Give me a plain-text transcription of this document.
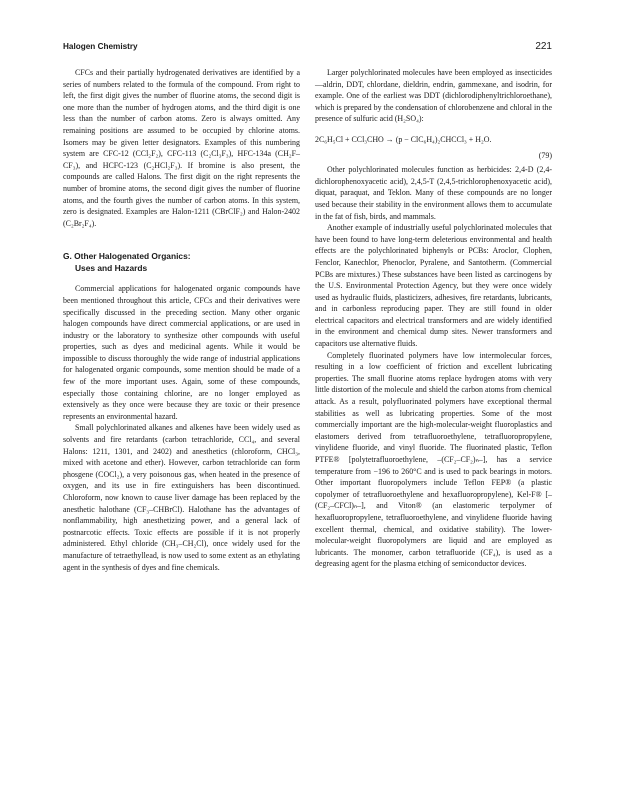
Halogen Chemistry	221

CFCs and their partially hydrogenated derivatives are identified by a series of numbers related to the formula of the compound. From right to left, the first digit gives the number of fluorine atoms, the second digit is one more than the number of hydrogen atoms, and the third digit is one less than the number of carbon atoms. Zero is always omitted. Any remaining positions are assumed to be occupied by chlorine atoms. Isomers may be given letter designators. Examples of this numbering system are CFC-12 (CCl₂F₂), CFC-113 (C₂Cl₃F₃), HFC-134a (CH₂F–CF₃), and HCFC-123 (C₂HCl₂F₃). If bromine is also present, the compounds are called Halons. The first digit on the right represents the number of bromine atoms, the second digit gives the number of fluorine atoms, and the fourth gives the number of carbon atoms. In this system, zero is designated. Examples are Halon-1211 (CBrClF₂) and Halon-2402 (C₂Br₂F₄).

G. Other Halogenated Organics:
Uses and Hazards

Commercial applications for halogenated organic compounds have been mentioned throughout this article, CFCs and their derivatives were specifically discussed in the preceding section. Many other organic halogen compounds have direct commercial applications, or are used in industry or the laboratory to synthesize other compounds with useful properties, such as dyes and medicinal agents. While it would be impossible to discuss thoroughly the wide range of industrial applications for halogenated organic compounds, some mention should be made of a few of the more important uses. Again, some of these compounds, especially those containing chlorine, are no longer employed as extensively as they once were because they are toxic or their presence represents an environmental hazard.

Small polychlorinated alkanes and alkenes have been widely used as solvents and fire retardants (carbon tetrachloride, CCl₄, and several Halons: 1211, 1301, and 2402) and anesthetics (chloroform, CHCl₃, mixed with acetone and ether). However, carbon tetrachloride can form phosgene (COCl₂), a very poisonous gas, when heated in the presence of oxygen, and its use in fire extinguishers has been discontinued. Chloroform, now known to cause liver damage has been replaced by the anesthetic halothane (CF₃–CHBrCl). Halothane has the advantages of nonflammability, high anesthetizing power, and a general lack of postnarcotic effects. Toxic effects are possible if it is not properly administered. Ethyl chloride (CH₃–CH₂Cl), once widely used for the manufacture of tetraethyllead, is now used to some extent as an ethylating agent in the synthesis of dyes and fine chemicals.

Larger polychlorinated molecules have been employed as insecticides—aldrin, DDT, chlordane, dieldrin, endrin, gammexane, and isodrin, for example. One of the earliest was DDT (dichlorodiphenyltrichloroethane), which is prepared by the condensation of chlorobenzene and chloral in the presence of sulfuric acid (H₂SO₄):

2C₆H₅Cl + CCl₃CHO → (p − ClC₆H₄)₂CHCCl₃ + H₂O.
(79)

Other polychlorinated molecules function as herbicides: 2,4-D (2,4-dichlorophenoxyacetic acid), 2,4,5-T (2,4,5-trichlorophenoxyacetic acid), diquat, paraquat, and Teklon. Many of these compounds are no longer used because their stability in the environment allows them to accumulate in the fat of fish, birds, and mammals.

Another example of industrially useful polychlorinated molecules that have been found to have long-term deleterious environmental and health effects are the polychlorinated biphenyls or PCBs: Aroclor, Clophen, Fenclor, Kanechlor, Phenoclor, Pyralene, and Santotherm. (Commercial PCBs are mixtures.) These substances have been listed as carcinogens by the U.S. Environmental Protection Agency, but they were once widely used as hydraulic fluids, plasticizers, adhesives, fire retardants, lubricants, and in carbonless reproducing paper. They are still found in older electrical capacitors and electrical transformers and are widely identified in the environment and chemical dump sites. Newer transformers and capacitors use alternative fluids.

Completely fluorinated polymers have low intermolecular forces, resulting in a low coefficient of friction and excellent lubricating properties. The small fluorine atoms replace hydrogen atoms with very little distortion of the molecule and shield the carbon atoms from chemical attack. As a result, polyfluorinated polymers have exceptional thermal stabilities as well as lubricating properties. Some of the most commercially important are the high-molecular-weight fluoroplastics and elastomers derived from tetrafluoroethylene, tetrafluoropropylene, vinylidene fluoride, and vinyl fluoride. The fluorinated plastic, Teflon PTFE® [polytetrafluoroethylene, –(CF₂–CF₂)ₙ–], has a service temperature from −196 to 260°C and is used to pack bearings in motors. Other important fluoropolymers include Teflon FEP® (a plastic copolymer of tetrafluoroethylene and hexafluoropropylene), Kel-F® [–(CF₂–CFCl)ₙ–], and Viton® (an elastomeric terpolymer of hexafluoropropylene, tetrafluoroethylene, and vinylidene fluoride having excellent thermal, chemical, and oxidative stability). The lower-molecular-weight fluoropolymers are liquid and are employed as lubricants. The monomer, carbon tetrafluoride (CF₄), is used as a degreasing agent for the plasma etching of semiconductor devices.
